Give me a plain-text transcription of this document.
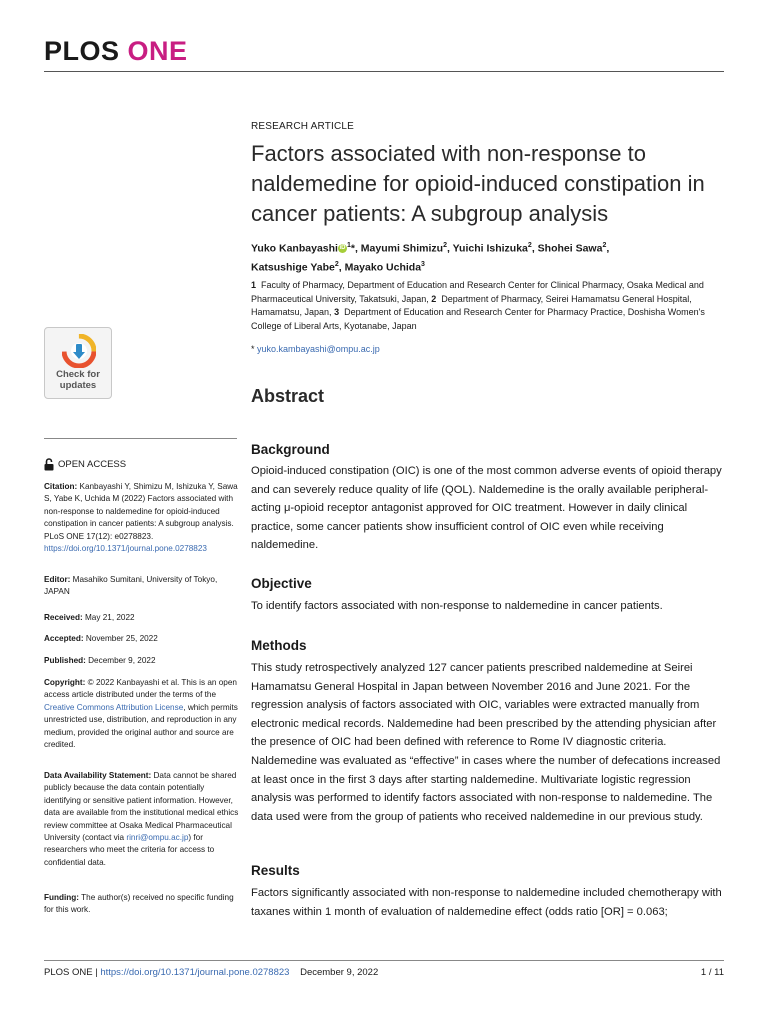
PLOS ONE
RESEARCH ARTICLE
Factors associated with non-response to naldemedine for opioid-induced constipation in cancer patients: A subgroup analysis
Yuko Kanbayashi iD $^1$*, Mayumi Shimizu$^2$, Yuichi Ishizuka$^2$, Shohei Sawa$^2$,
Katsushige Yabe$^2$, Mayako Uchida$^3$
1 Faculty of Pharmacy, Department of Education and Research Center for Clinical Pharmacy, Osaka Medical and Pharmaceutical University, Takatsuki, Japan, 2 Department of Pharmacy, Seirei Hamamatsu General Hospital, Hamamatsu, Japan, 3 Department of Education and Research Center for Pharmacy Practice, Doshisha Women's College of Liberal Arts, Kyotanabe, Japan
* yuko.kambayashi@ompu.ac.jp
Check for
updates
Abstract
OPEN ACCESS
Citation: Kanbayashi Y, Shimizu M, Ishizuka Y, Sawa S, Yabe K, Uchida M (2022) Factors associated with non-response to naldemedine for opioid-induced constipation in cancer patients: A subgroup analysis. PLoS ONE 17(12): e0278823. https://doi.org/10.1371/journal.pone.0278823
Editor: Masahiko Sumitani, University of Tokyo, JAPAN
Received: May 21, 2022
Accepted: November 25, 2022
Published: December 9, 2022
Copyright: © 2022 Kanbayashi et al. This is an open access article distributed under the terms of the Creative Commons Attribution License, which permits unrestricted use, distribution, and reproduction in any medium, provided the original author and source are credited.
Data Availability Statement: Data cannot be shared publicly because the data contain potentially identifying or sensitive patient information. However, data are available from the institutional medical ethics review committee at Osaka Medical Pharmaceutical University (contact via rinri@ompu.ac.jp) for researchers who meet the criteria for access to confidential data.
Funding: The author(s) received no specific funding for this work.
Background

Opioid-induced constipation (OIC) is one of the most common adverse events of opioid therapy and can severely reduce quality of life (QOL). Naldemedine is the orally available peripheral-acting μ-opioid receptor antagonist approved for OIC treatment. However in daily clinical practice, some cancer patients show insufficient control of OIC even while receiving naldemedine.

Objective

To identify factors associated with non-response to naldemedine in cancer patients.

Methods

This study retrospectively analyzed 127 cancer patients prescribed naldemedine at Seirei Hamamatsu General Hospital in Japan between November 2016 and June 2021. For the regression analysis of factors associated with OIC, variables were extracted manually from electronic medical records. Naldemedine had been prescribed by the attending physician after the presence of OIC had been defined with reference to Rome IV diagnostic criteria. Naldemedine was evaluated as “effective” in cases where the number of defecations increased at least once in the first 3 days after starting naldemedine. Multivariate logistic regression analysis was performed to identify factors associated with non-response to naldemedine. The data used were from the group of patients who received naldemedine in our previous study.

Results

Factors significantly associated with non-response to naldemedine included chemotherapy with taxanes within 1 month of evaluation of naldemedine effect (odds ratio [OR] = 0.063;

PLOS ONE | https://doi.org/10.1371/journal.pone.0278823 December 9, 2022	1 / 11
